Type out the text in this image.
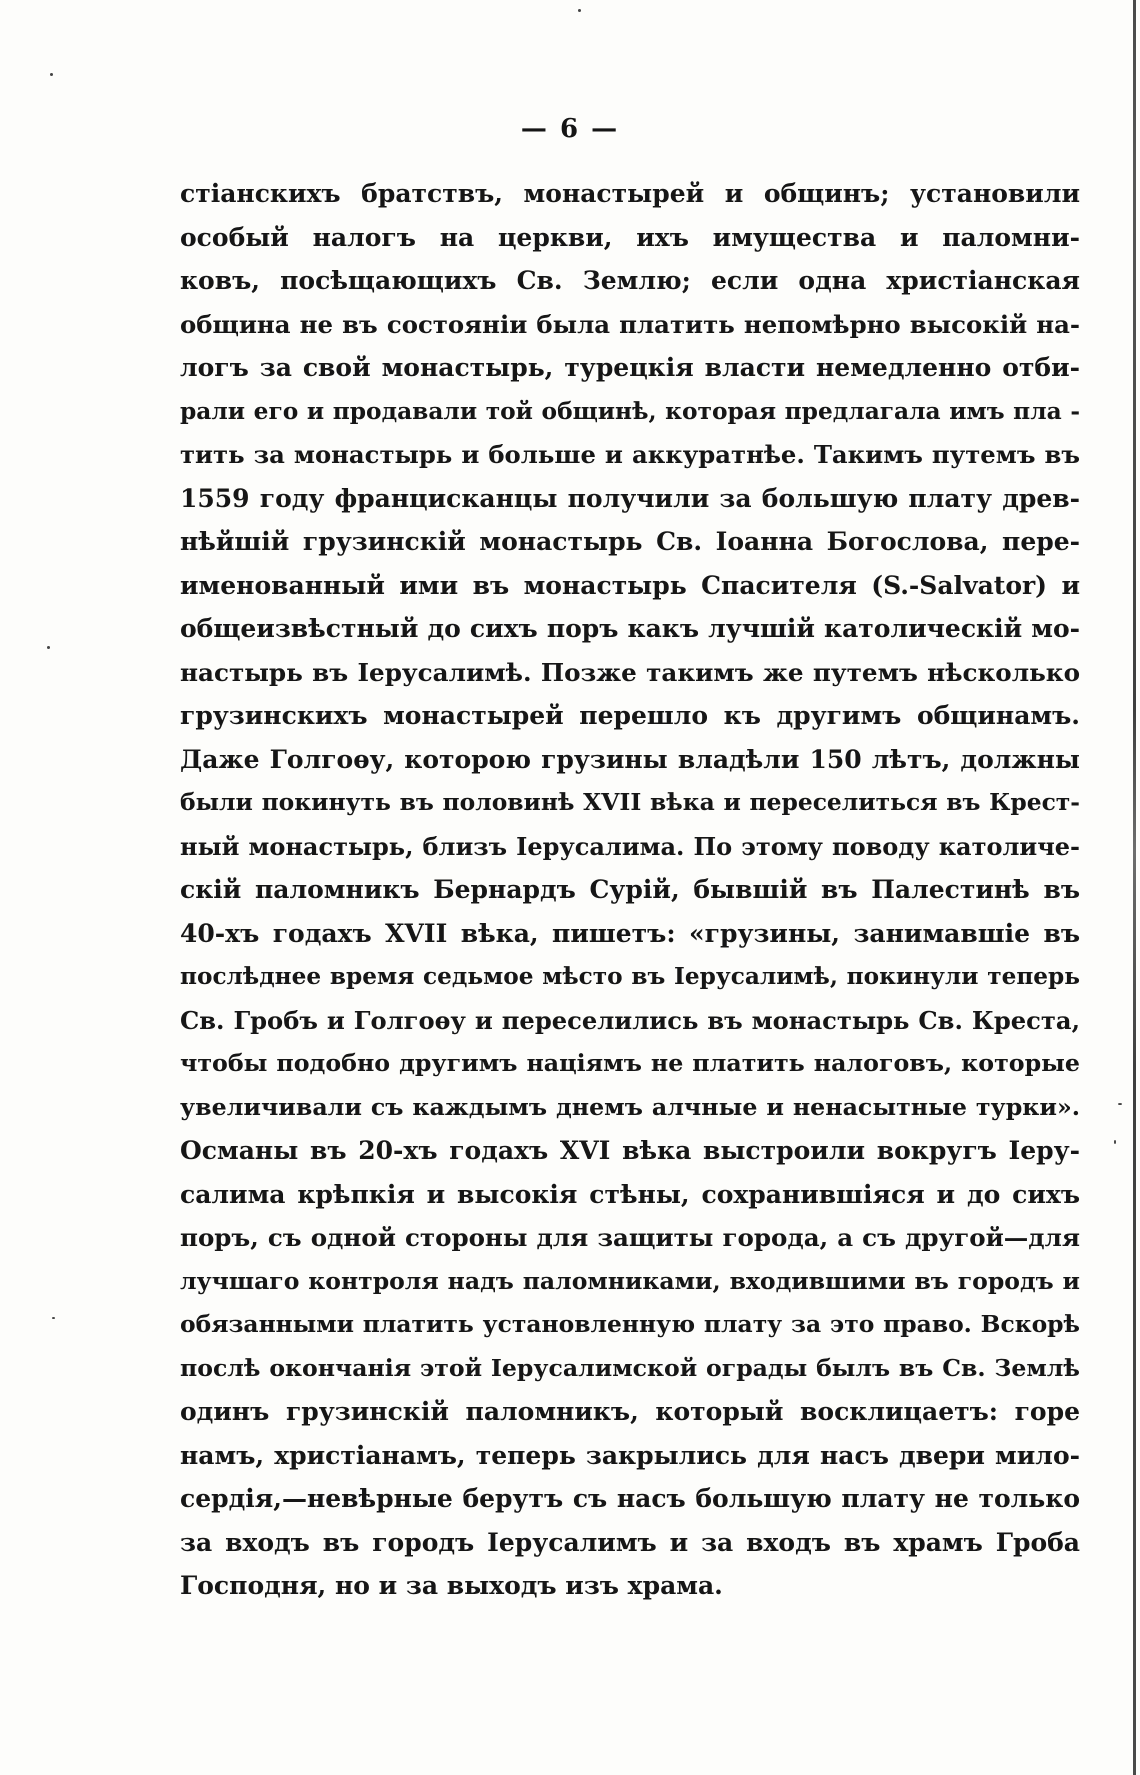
— 6 —
стіанскихъ братствъ, монастырей и общинъ; установили
особый налогъ на церкви, ихъ имущества и паломни-
ковъ, посѣщающихъ Св. Землю; если одна христіанская
община не въ состояніи была платить непомѣрно высокій на-
логъ за свой монастырь, турецкія власти немедленно отби-
рали его и продавали той общинѣ, которая предлагала имъ пла -
тить за монастырь и больше и аккуратнѣе. Такимъ путемъ въ
1559 году францисканцы получили за большую плату древ-
нѣйшій грузинскій монастырь Св. Іоанна Богослова, пере-
именованный ими въ монастырь Спасителя (S.-Salvator) и
общеизвѣстный до сихъ поръ какъ лучшій католическій мо-
настырь въ Іерусалимѣ. Позже такимъ же путемъ нѣсколько
грузинскихъ монастырей перешло къ другимъ общинамъ.
Даже Голгоѳу, которою грузины владѣли 150 лѣтъ, должны
были покинуть въ половинѣ XVII вѣка и переселиться въ Крест-
ный монастырь, близъ Іерусалима. По этому поводу католиче-
скій паломникъ Бернардъ Сурій, бывшій въ Палестинѣ въ
40-хъ годахъ XVII вѣка, пишетъ: «грузины, занимавшіе въ
послѣднее время седьмое мѣсто въ Іерусалимѣ, покинули теперь
Св. Гробъ и Голгоѳу и переселились въ монастырь Св. Креста,
чтобы подобно другимъ націямъ не платить налоговъ, которые
увеличивали съ каждымъ днемъ алчные и ненасытные турки».
Османы въ 20-хъ годахъ XVI вѣка выстроили вокругъ Іеру-
салима крѣпкія и высокія стѣны, сохранившіяся и до сихъ
поръ, съ одной стороны для защиты города, а съ другой—для
лучшаго контроля надъ паломниками, входившими въ городъ и
обязанными платить установленную плату за это право. Вскорѣ
послѣ окончанія этой Іерусалимской ограды былъ въ Св. Землѣ
одинъ грузинскій паломникъ, который восклицаетъ: горе
намъ, христіанамъ, теперь закрылись для насъ двери мило-
сердія,—невѣрные берутъ съ насъ большую плату не только
за входъ въ городъ Іерусалимъ и за входъ въ храмъ Гроба
Господня, но и за выходъ изъ храма.
